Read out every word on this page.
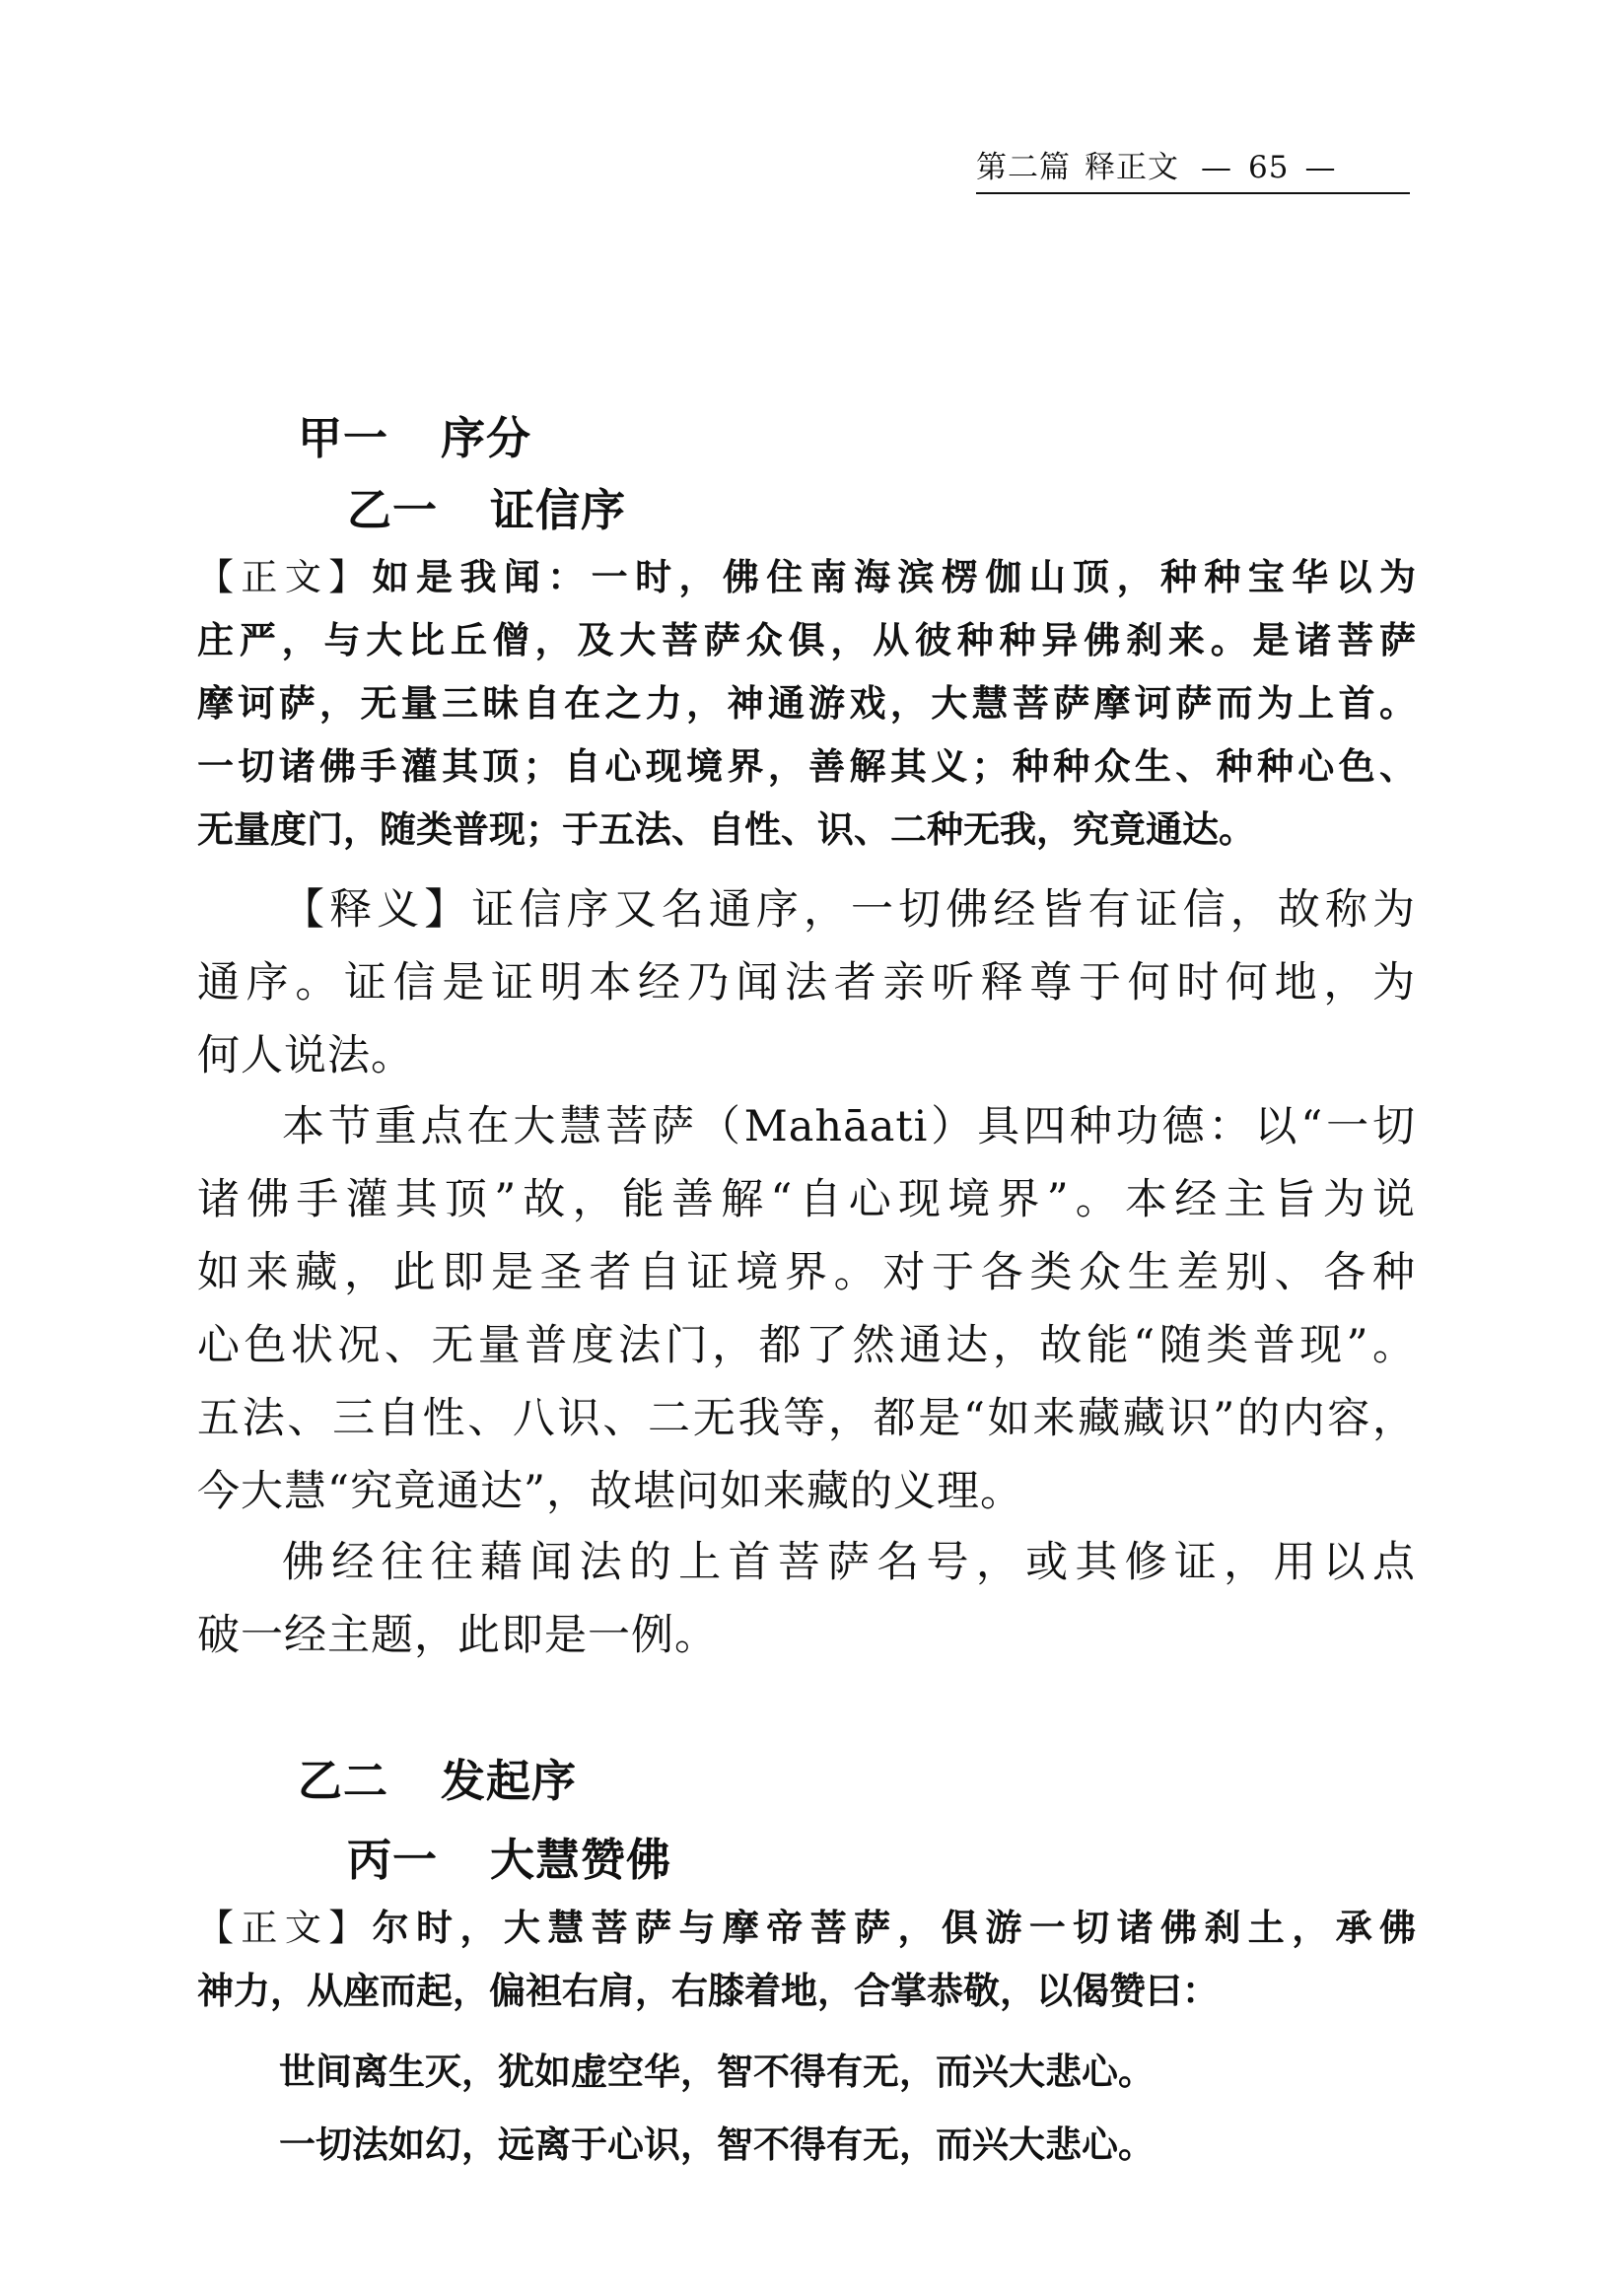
第二篇 释正文 — 65 —
甲一 序分
乙一 证信序
【正文】如是我闻：一时，佛住南海滨楞伽山顶，种种宝华以为
庄严，与大比丘僧，及大菩萨众俱，从彼种种异佛刹来。是诸菩萨
摩诃萨，无量三昧自在之力，神通游戏，大慧菩萨摩诃萨而为上首。
一切诸佛手灌其顶；自心现境界，善解其义；种种众生、种种心色、
无量度门，随类普现；于五法、自性、识、二种无我，究竟通达。
【释义】证信序又名通序，一切佛经皆有证信，故称为
通序。证信是证明本经乃闻法者亲听释尊于何时何地，为
何人说法。
本节重点在大慧菩萨（Mahāati）具四种功德：以“一切
诸佛手灌其顶”故，能善解“自心现境界”。本经主旨为说
如来藏，此即是圣者自证境界。对于各类众生差别、各种
心色状况、无量普度法门，都了然通达，故能“随类普现”。
五法、三自性、八识、二无我等，都是“如来藏藏识”的内容，
今大慧“究竟通达”，故堪问如来藏的义理。
佛经往往藉闻法的上首菩萨名号，或其修证，用以点
破一经主题，此即是一例。
乙二 发起序
丙一 大慧赞佛
【正文】尔时，大慧菩萨与摩帝菩萨，俱游一切诸佛刹土，承佛
神力，从座而起，偏袒右肩，右膝着地，合掌恭敬，以偈赞曰：
世间离生灭，犹如虚空华，智不得有无，而兴大悲心。
一切法如幻，远离于心识，智不得有无，而兴大悲心。
